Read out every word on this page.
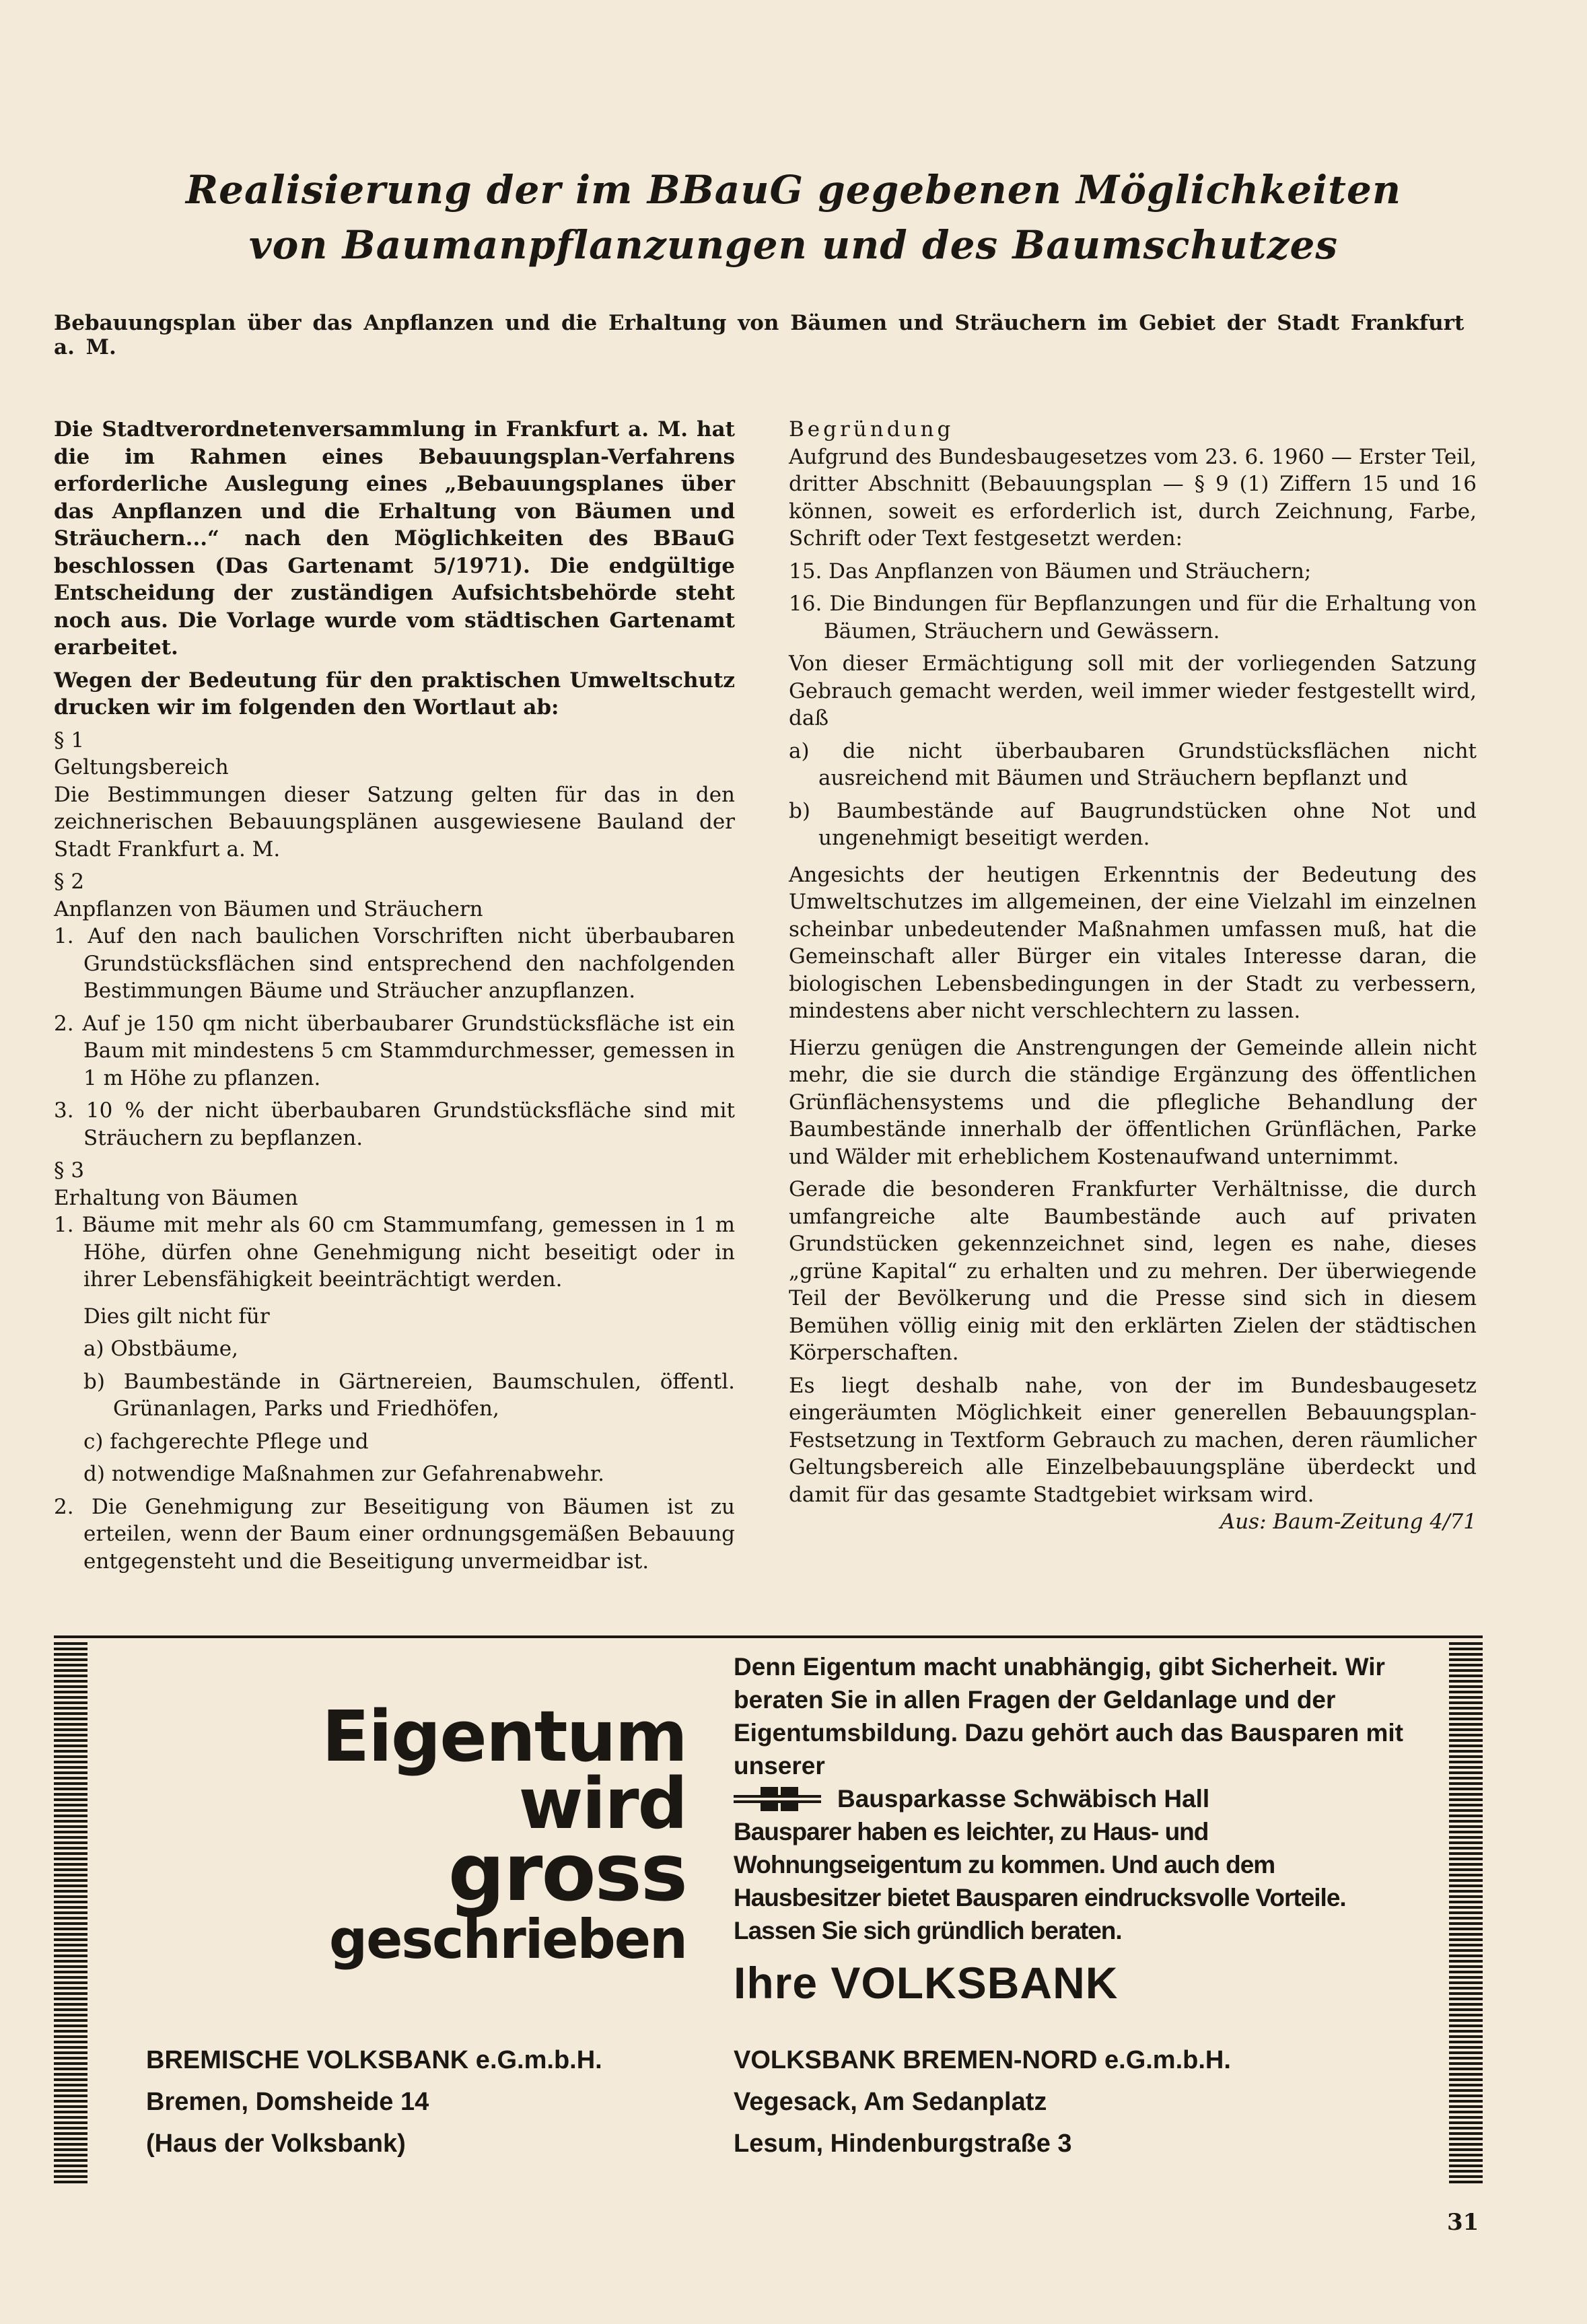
Realisierung der im BBauG gegebenen Möglichkeiten
von Baumanpflanzungen und des Baumschutzes
Bebauungsplan über das Anpflanzen und die Erhaltung von Bäumen und Sträuchern im Gebiet der Stadt Frankfurt a. M.

Die Stadtverordnetenversammlung in Frankfurt a. M. hat die im Rahmen eines Bebauungsplan-Verfahrens erforderliche Auslegung eines „Bebauungsplanes über das Anpflanzen und die Erhaltung von Bäumen und Sträuchern...“ nach den Möglichkeiten des BBauG beschlossen (Das Gartenamt 5/1971). Die endgültige Entscheidung der zuständigen Aufsichtsbehörde steht noch aus. Die Vorlage wurde vom städtischen Gartenamt erarbeitet.

Wegen der Bedeutung für den praktischen Umweltschutz drucken wir im folgenden den Wortlaut ab:

§ 1

Geltungsbereich

Die Bestimmungen dieser Satzung gelten für das in den zeichnerischen Bebauungsplänen ausgewiesene Bauland der Stadt Frankfurt a. M.

§ 2

Anpflanzen von Bäumen und Sträuchern

1. Auf den nach baulichen Vorschriften nicht überbaubaren Grundstücksflächen sind entsprechend den nachfolgenden Bestimmungen Bäume und Sträucher anzupflanzen.

2. Auf je 150 qm nicht überbaubarer Grundstücksfläche ist ein Baum mit mindestens 5 cm Stammdurchmesser, gemessen in 1 m Höhe zu pflanzen.

3. 10 % der nicht überbaubaren Grundstücksfläche sind mit Sträuchern zu bepflanzen.

§ 3

Erhaltung von Bäumen

1. Bäume mit mehr als 60 cm Stammumfang, gemessen in 1 m Höhe, dürfen ohne Genehmigung nicht beseitigt oder in ihrer Lebensfähigkeit beeinträchtigt werden.

Dies gilt nicht für

a) Obstbäume,

b) Baumbestände in Gärtnereien, Baumschulen, öffentl. Grünanlagen, Parks und Friedhöfen,

c) fachgerechte Pflege und

d) notwendige Maßnahmen zur Gefahrenabwehr.

2. Die Genehmigung zur Beseitigung von Bäumen ist zu erteilen, wenn der Baum einer ordnungsgemäßen Bebauung entgegensteht und die Beseitigung unvermeidbar ist.

Begründung

Aufgrund des Bundesbaugesetzes vom 23. 6. 1960 — Erster Teil, dritter Abschnitt (Bebauungsplan — § 9 (1) Ziffern 15 und 16 können, soweit es erforderlich ist, durch Zeichnung, Farbe, Schrift oder Text festgesetzt werden:

15. Das Anpflanzen von Bäumen und Sträuchern;

16. Die Bindungen für Bepflanzungen und für die Erhaltung von Bäumen, Sträuchern und Gewässern.

Von dieser Ermächtigung soll mit der vorliegenden Satzung Gebrauch gemacht werden, weil immer wieder festgestellt wird, daß

a) die nicht überbaubaren Grundstücksflächen nicht ausreichend mit Bäumen und Sträuchern bepflanzt und

b) Baumbestände auf Baugrundstücken ohne Not und ungenehmigt beseitigt werden.

Angesichts der heutigen Erkenntnis der Bedeutung des Umweltschutzes im allgemeinen, der eine Vielzahl im einzelnen scheinbar unbedeutender Maßnahmen umfassen muß, hat die Gemeinschaft aller Bürger ein vitales Interesse daran, die biologischen Lebensbedingungen in der Stadt zu verbessern, mindestens aber nicht verschlechtern zu lassen.

Hierzu genügen die Anstrengungen der Gemeinde allein nicht mehr, die sie durch die ständige Ergänzung des öffentlichen Grünflächensystems und die pflegliche Behandlung der Baumbestände innerhalb der öffentlichen Grünflächen, Parke und Wälder mit erheblichem Kostenaufwand unternimmt.

Gerade die besonderen Frankfurter Verhältnisse, die durch umfangreiche alte Baumbestände auch auf privaten Grundstücken gekennzeichnet sind, legen es nahe, dieses „grüne Kapital“ zu erhalten und zu mehren. Der überwiegende Teil der Bevölkerung und die Presse sind sich in diesem Bemühen völlig einig mit den erklärten Zielen der städtischen Körperschaften.

Es liegt deshalb nahe, von der im Bundesbaugesetz eingeräumten Möglichkeit einer generellen Bebauungsplan-Festsetzung in Textform Gebrauch zu machen, deren räumlicher Geltungsbereich alle Einzelbebauungspläne überdeckt und damit für das gesamte Stadtgebiet wirksam wird.

Aus: Baum-Zeitung 4/71

Eigentum
wird
gross
geschrieben
Denn Eigentum macht unabhängig, gibt Sicherheit. Wir beraten Sie in allen Fragen der Geldanlage und der Eigentumsbildung. Dazu gehört auch das Bausparen mit unserer
Bausparkasse Schwäbisch Hall
Bausparer haben es leichter, zu Haus- und Wohnungseigentum zu kommen. Und auch dem Hausbesitzer bietet Bausparen eindrucksvolle Vorteile. Lassen Sie sich gründlich beraten.
Ihre VOLKSBANK
BREMISCHE VOLKSBANK e.G.m.b.H.
Bremen, Domsheide 14
(Haus der Volksbank)
VOLKSBANK BREMEN-NORD e.G.m.b.H.
Vegesack, Am Sedanplatz
Lesum, Hindenburgstraße 3
31
